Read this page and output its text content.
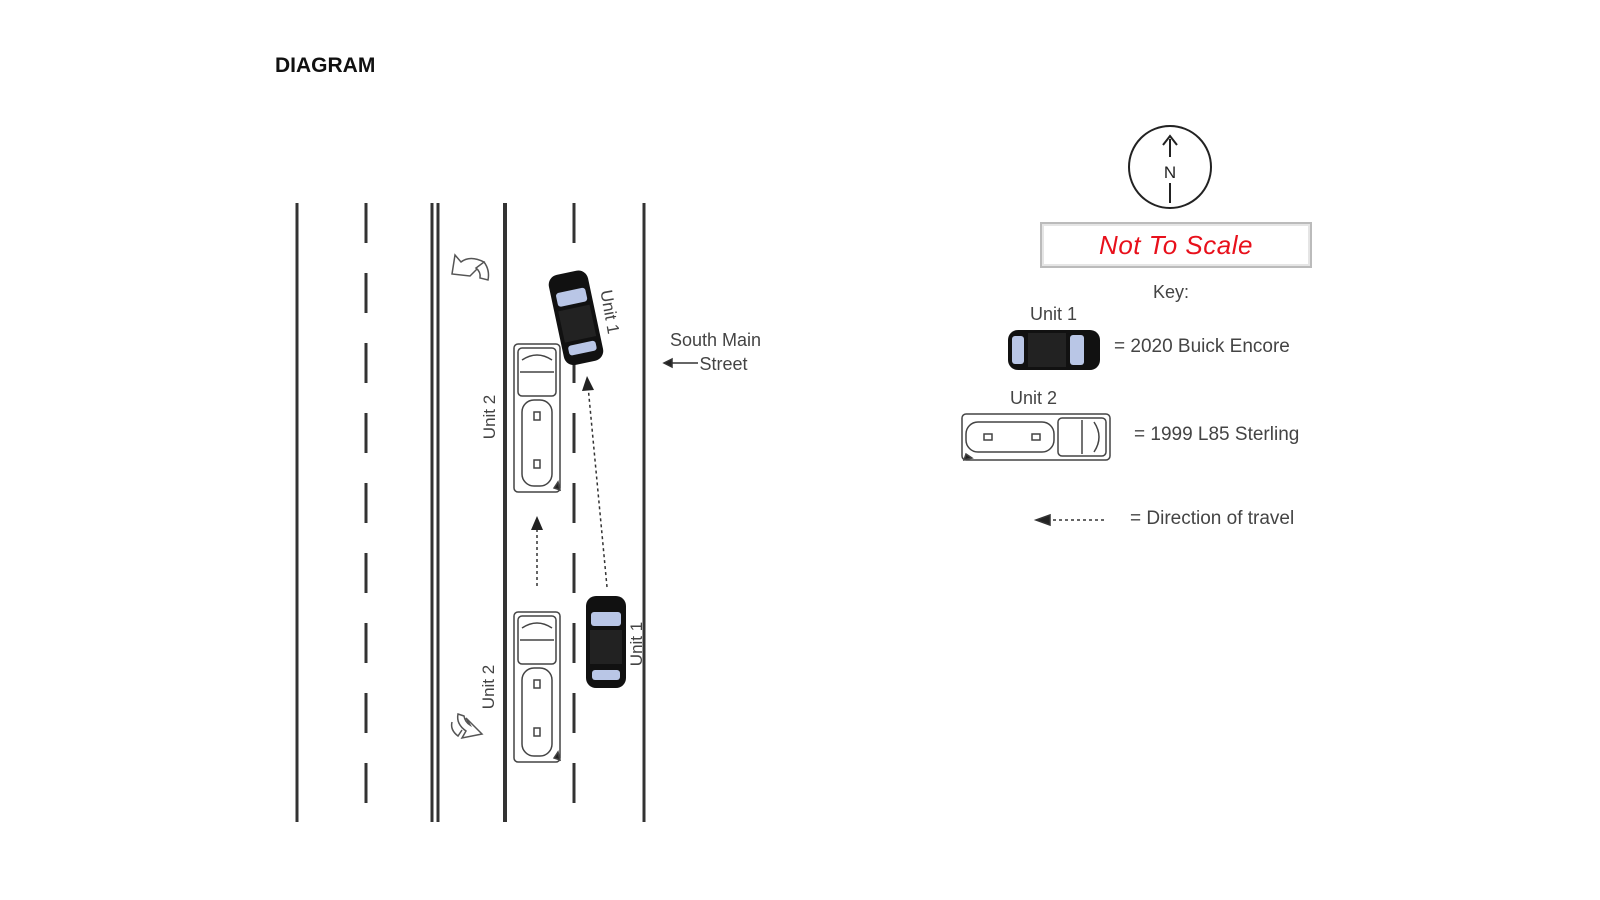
DIAGRAM
Unit 1
Unit 2
Unit 2
Unit 1
South Main
Street
N
Not To Scale
Key:
Unit 1
= 2020 Buick Encore
Unit 2
= 1999 L85 Sterling
= Direction of travel
